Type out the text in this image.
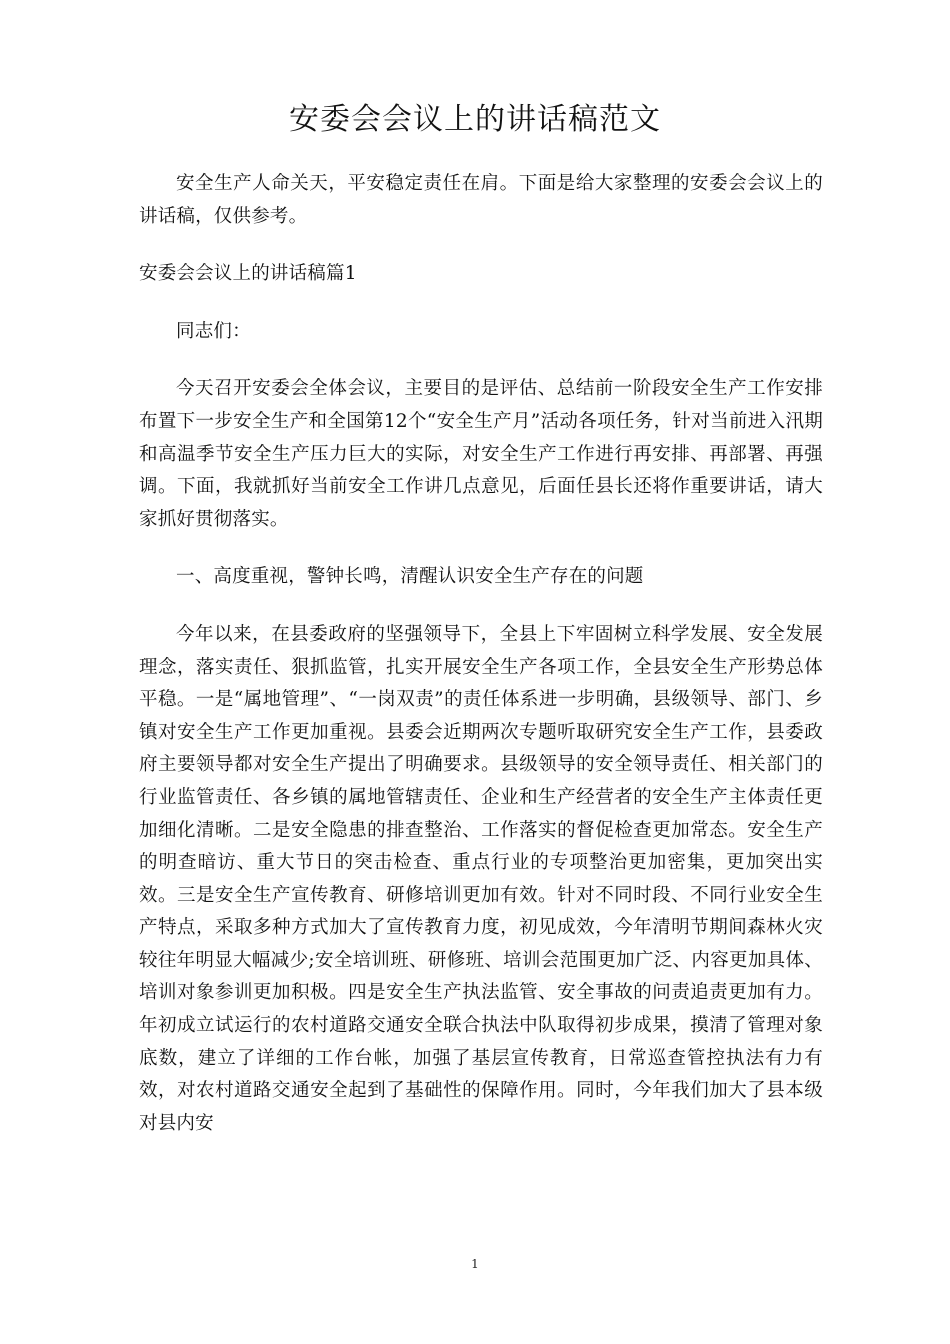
安委会会议上的讲话稿范文

安全生产人命关天，平安稳定责任在肩。下面是给大家整理的安委会会议上的讲话稿，仅供参考。

安委会会议上的讲话稿篇1

同志们：

今天召开安委会全体会议，主要目的是评估、总结前一阶段安全生产工作安排布置下一步安全生产和全国第12个“安全生产月”活动各项任务，针对当前进入汛期和高温季节安全生产压力巨大的实际，对安全生产工作进行再安排、再部署、再强调。下面，我就抓好当前安全工作讲几点意见，后面任县长还将作重要讲话，请大家抓好贯彻落实。

一、高度重视，警钟长鸣，清醒认识安全生产存在的问题

今年以来，在县委政府的坚强领导下，全县上下牢固树立科学发展、安全发展理念，落实责任、狠抓监管，扎实开展安全生产各项工作，全县安全生产形势总体平稳。一是“属地管理”、“一岗双责”的责任体系进一步明确，县级领导、部门、乡镇对安全生产工作更加重视。县委会近期两次专题听取研究安全生产工作，县委政府主要领导都对安全生产提出了明确要求。县级领导的安全领导责任、相关部门的行业监管责任、各乡镇的属地管辖责任、企业和生产经营者的安全生产主体责任更加细化清晰。二是安全隐患的排查整治、工作落实的督促检查更加常态。安全生产的明查暗访、重大节日的突击检查、重点行业的专项整治更加密集，更加突出实效。三是安全生产宣传教育、研修培训更加有效。针对不同时段、不同行业安全生产特点，采取多种方式加大了宣传教育力度，初见成效，今年清明节期间森林火灾较往年明显大幅减少;安全培训班、研修班、培训会范围更加广泛、内容更加具体、培训对象参训更加积极。四是安全生产执法监管、安全事故的问责追责更加有力。年初成立试运行的农村道路交通安全联合执法中队取得初步成果，摸清了管理对象底数，建立了详细的工作台帐，加强了基层宣传教育，日常巡查管控执法有力有效，对农村道路交通安全起到了基础性的保障作用。同时，今年我们加大了县本级对县内安

1
